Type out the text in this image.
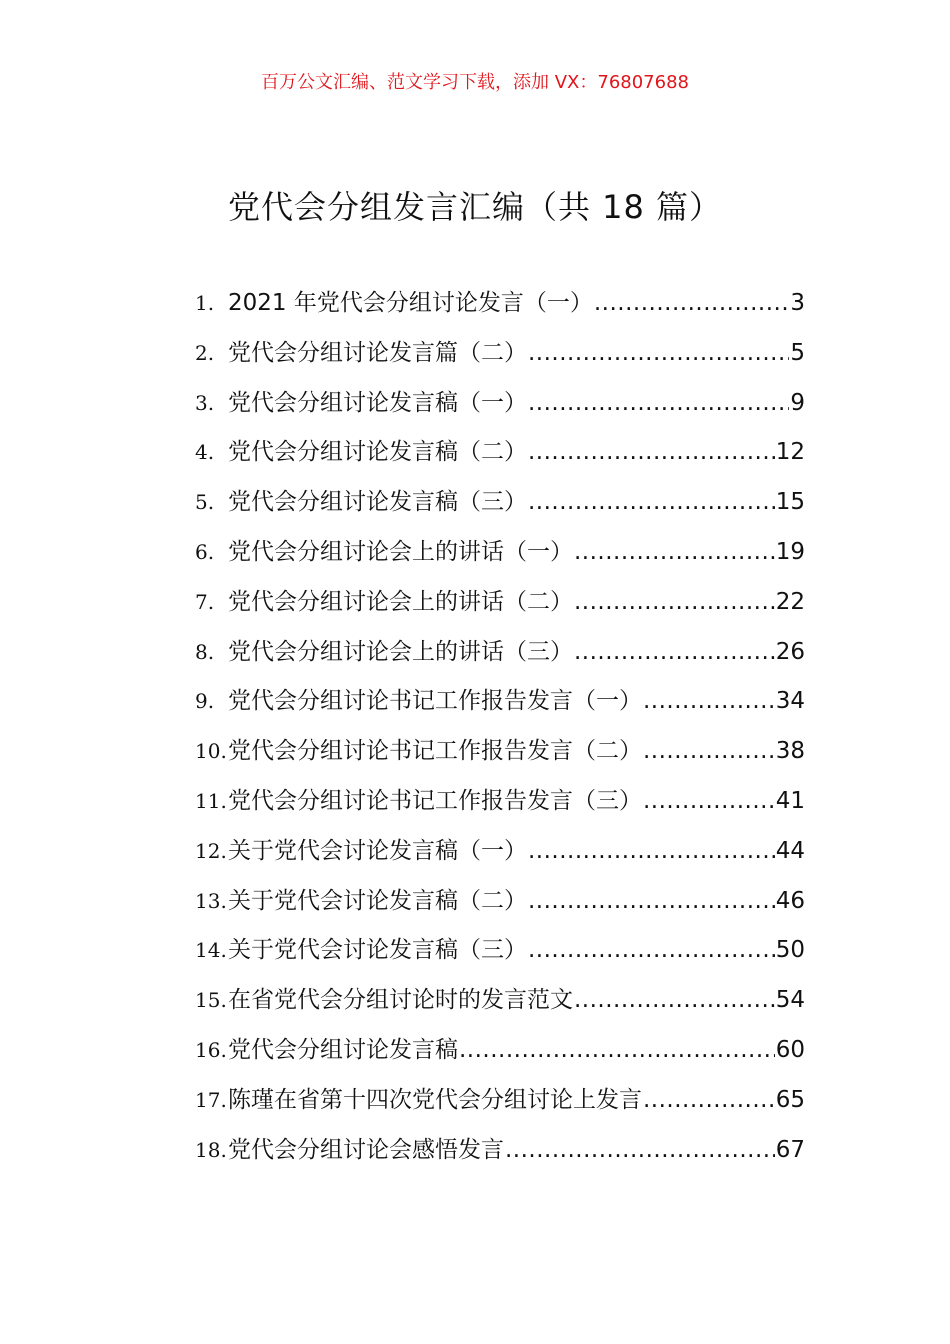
百万公文汇编、范文学习下载，添加 VX：76807688
党代会分组发言汇编（共 18 篇）
1. 2021 年党代会分组讨论发言（一） .....	3
2. 党代会分组讨论发言篇（二） .....	5
3. 党代会分组讨论发言稿（一） .....	9
4. 党代会分组讨论发言稿（二） .....	12
5. 党代会分组讨论发言稿（三） .....	15
6. 党代会分组讨论会上的讲话（一） .....	19
7. 党代会分组讨论会上的讲话（二） .....	22
8. 党代会分组讨论会上的讲话（三） .....	26
9. 党代会分组讨论书记工作报告发言（一） .....	34
10. 党代会分组讨论书记工作报告发言（二） .....	38
11. 党代会分组讨论书记工作报告发言（三） .....	41
12. 关于党代会讨论发言稿（一） .....	44
13. 关于党代会讨论发言稿（二） .....	46
14. 关于党代会讨论发言稿（三） .....	50
15. 在省党代会分组讨论时的发言范文 .....	54
16. 党代会分组讨论发言稿 .....	60
17. 陈瑾在省第十四次党代会分组讨论上发言 .....	65
18. 党代会分组讨论会感悟发言 .....	67
